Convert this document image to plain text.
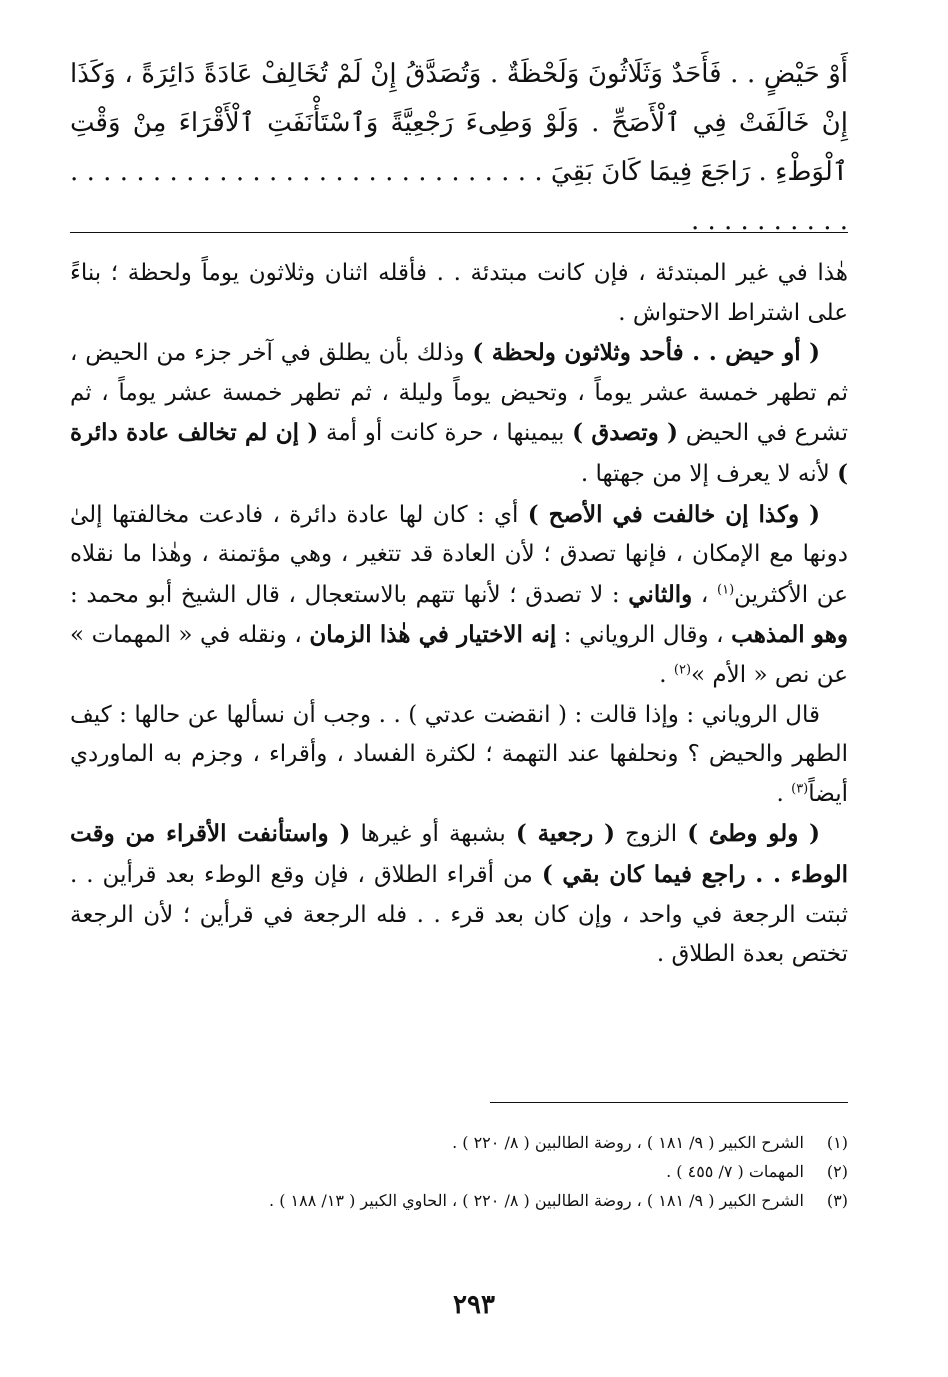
أَوْ حَيْضٍ . . فَأَحَدٌ وَثَلَاثُونَ وَلَحْظَةٌ . وَتُصَدَّقُ إِنْ لَمْ تُخَالِفْ عَادَةً دَائِرَةً ، وَكَذَا إِنْ خَالَفَتْ فِي ٱلْأَصَحِّ . وَلَوْ وَطِىءَ رَجْعِيَّةً وَٱسْتَأْنَفَتِ ٱلْأَقْرَاءَ مِنْ وَقْتِ ٱلْوَطْءِ . رَاجَعَ فِيمَا كَانَ بَقِيَ . . . . . . . . . . . . . . . . . . . . . . . . . . . . . . . . . . . . . . .

هٰذا في غير المبتدئة ، فإن كانت مبتدئة . . فأقله اثنان وثلاثون يوماً ولحظة ؛ بناءً على اشتراط الاحتواش .

( أو حيض . . فأحد وثلاثون ولحظة ) وذلك بأن يطلق في آخر جزء من الحيض ، ثم تطهر خمسة عشر يوماً ، وتحيض يوماً وليلة ، ثم تطهر خمسة عشر يوماً ، ثم تشرع في الحيض ( وتصدق ) بيمينها ، حرة كانت أو أمة ( إن لم تخالف عادة دائرة ) لأنه لا يعرف إلا من جهتها .

( وكذا إن خالفت في الأصح ) أي : كان لها عادة دائرة ، فادعت مخالفتها إلىٰ دونها مع الإمكان ، فإنها تصدق ؛ لأن العادة قد تتغير ، وهي مؤتمنة ، وهٰذا ما نقلاه عن الأكثرين$^{(١)}$ ، والثاني : لا تصدق ؛ لأنها تتهم بالاستعجال ، قال الشيخ أبو محمد : وهو المذهب ، وقال الروياني : إنه الاختيار في هٰذا الزمان ، ونقله في « المهمات » عن نص « الأم »$^{(٢)}$ .

قال الروياني : وإذا قالت : ( انقضت عدتي ) . . وجب أن نسألها عن حالها : كيف الطهر والحيض ؟ ونحلفها عند التهمة ؛ لكثرة الفساد ، وأقراء ، وجزم به الماوردي أيضاً$^{(٣)}$ .

( ولو وطئ ) الزوج ( رجعية ) بشبهة أو غيرها ( واستأنفت الأقراء من وقت الوطء . . راجع فيما كان بقي ) من أقراء الطلاق ، فإن وقع الوطء بعد قرأين . . ثبتت الرجعة في واحد ، وإن كان بعد قرء . . فله الرجعة في قرأين ؛ لأن الرجعة تختص بعدة الطلاق .

(١)
الشرح الكبير ( ٩/ ١٨١ ) ، روضة الطالبين ( ٨/ ٢٢٠ ) .
(٢)
المهمات ( ٧/ ٤٥٥ ) .
(٣)
الشرح الكبير ( ٩/ ١٨١ ) ، روضة الطالبين ( ٨/ ٢٢٠ ) ، الحاوي الكبير ( ١٣/ ١٨٨ ) .
٢٩٣
